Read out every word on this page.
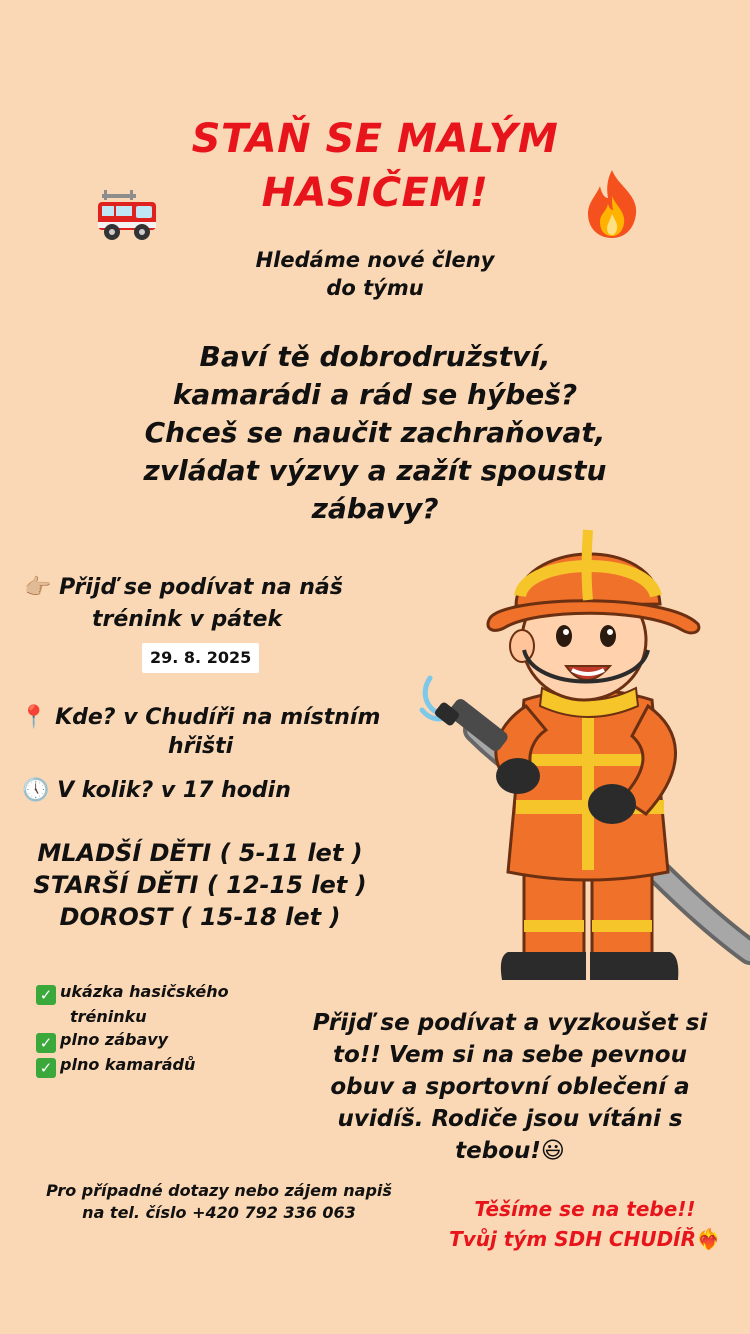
STAŇ SE MALÝM
HASIČEM!
Hledáme nové členy
do týmu
Baví tě dobrodružství,
kamarádi a rád se hýbeš?
Chceš se naučit zachraňovat,
zvládat výzvy a zažít spoustu
zábavy?
👉🏼 Přijď se podívat na náš
trénink v pátek
29. 8. 2025
📍 Kde? v Chudíři na místním
hřišti
🕔 V kolik? v 17 hodin
MLADŠÍ DĚTI ( 5-11 let )
STARŠÍ DĚTI ( 12-15 let )
DOROST ( 15-18 let )
✓ ukázka hasičského
tréninku
✓ plno zábavy
✓ plno kamarádů
Přijď se podívat a vyzkoušet si
to!! Vem si na sebe pevnou
obuv a sportovní oblečení a
uvidíš. Rodiče jsou vítáni s
tebou!😃
Pro případné dotazy nebo zájem napiš
na tel. číslo +420 792 336 063	Těšíme se na tebe!!
Tvůj tým SDH CHUDÍŘ❤️‍🔥
